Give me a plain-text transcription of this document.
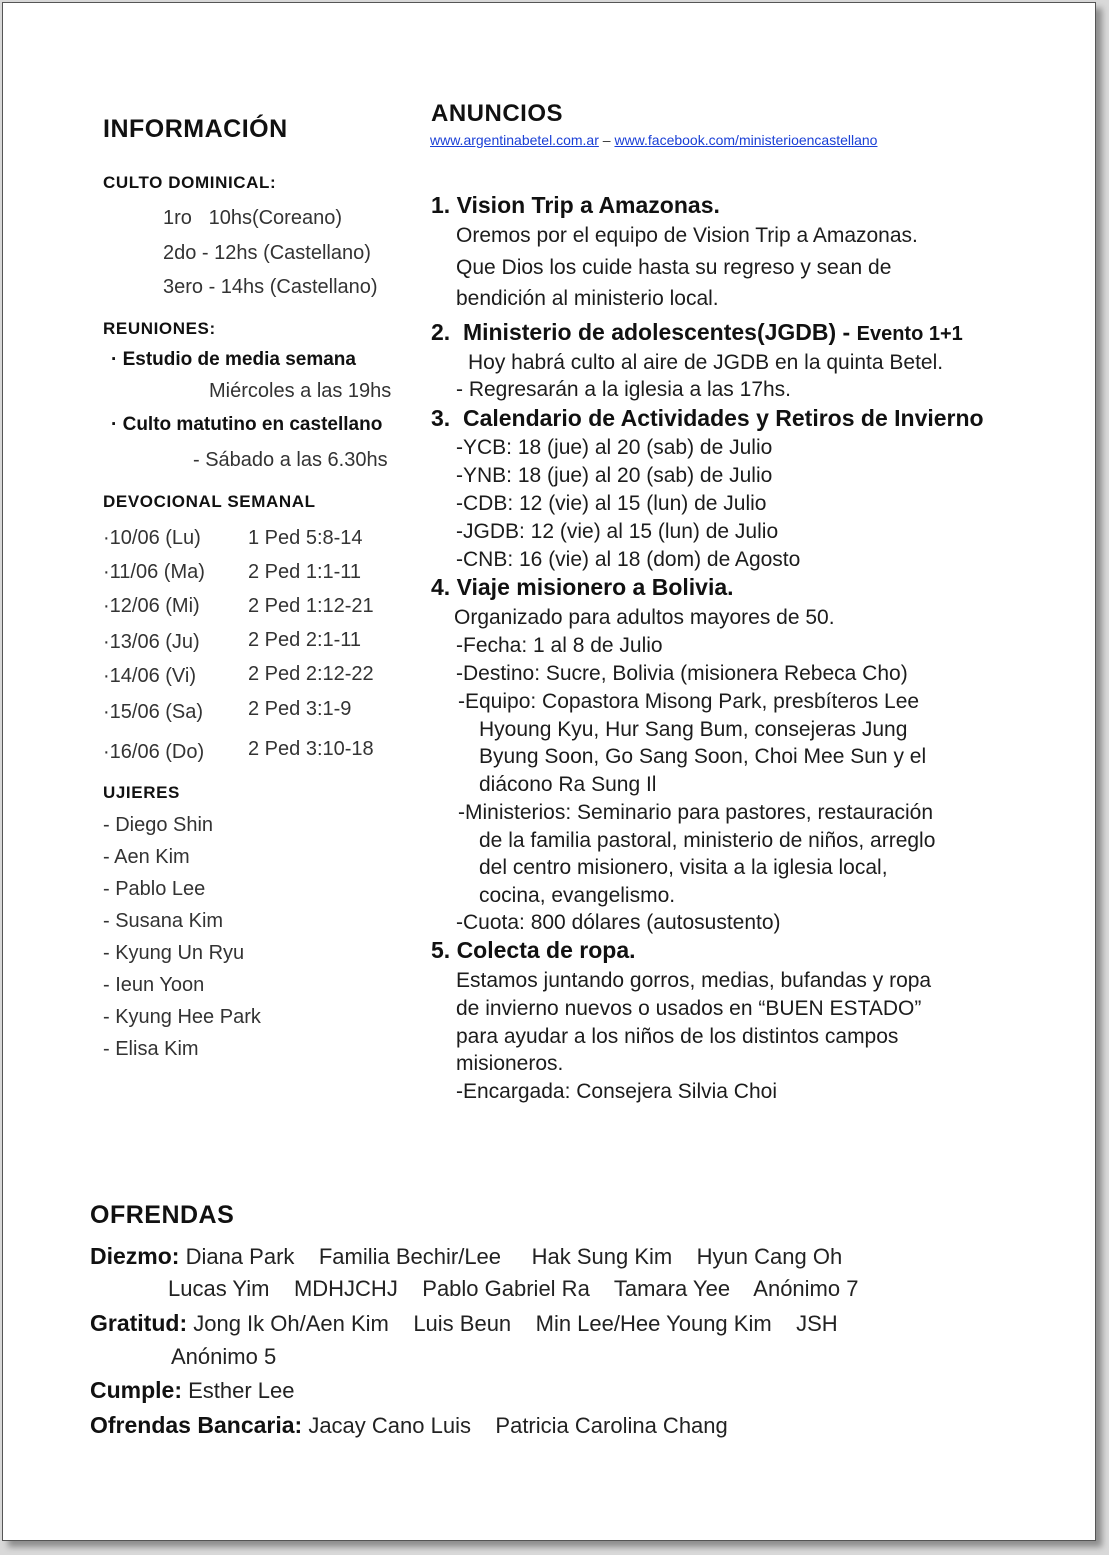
INFORMACIÓN
CULTO DOMINICAL:
1ro   10hs(Coreano)
2do - 12hs (Castellano)
3ero - 14hs (Castellano)
REUNIONES:
· Estudio de media semana
Miércoles a las 19hs
· Culto matutino en castellano
- Sábado a las 6.30hs
DEVOCIONAL SEMANAL
·10/06 (Lu) 1 Ped 5:8-14
·11/06 (Ma) 2 Ped 1:1-11
·12/06 (Mi) 2 Ped 1:12-21
·13/06 (Ju) 2 Ped 2:1-11
·14/06 (Vi)	2 Ped 2:12-22
·15/06 (Sa) 2 Ped 3:1-9
·16/06 (Do) 2 Ped 3:10-18
UJIERES
- Diego Shin
- Aen Kim
- Pablo Lee
- Susana Kim
- Kyung Un Ryu
- Ieun Yoon
- Kyung Hee Park
- Elisa Kim
ANUNCIOS
www.argentinabetel.com.ar – www.facebook.com/ministerioencastellano
1. Vision Trip a Amazonas.
Oremos por el equipo de Vision Trip a Amazonas.
Que Dios los cuide hasta su regreso y sean de
bendición al ministerio local.
2.  Ministerio de adolescentes(JGDB) - Evento 1+1
Hoy habrá culto al aire de JGDB en la quinta Betel.
- Regresarán a la iglesia a las 17hs.
3.  Calendario de Actividades y Retiros de Invierno
-YCB: 18 (jue) al 20 (sab) de Julio
-YNB: 18 (jue) al 20 (sab) de Julio
-CDB: 12 (vie) al 15 (lun) de Julio
-JGDB: 12 (vie) al 15 (lun) de Julio
-CNB: 16 (vie) al 18 (dom) de Agosto
4. Viaje misionero a Bolivia.
Organizado para adultos mayores de 50.
-Fecha: 1 al 8 de Julio
-Destino: Sucre, Bolivia (misionera Rebeca Cho)
-Equipo: Copastora Misong Park, presbíteros Lee
Hyoung Kyu, Hur Sang Bum, consejeras Jung
Byung Soon, Go Sang Soon, Choi Mee Sun y el
diácono Ra Sung Il
-Ministerios: Seminario para pastores, restauración
de la familia pastoral, ministerio de niños, arreglo
del centro misionero, visita a la iglesia local,
cocina, evangelismo.
-Cuota: 800 dólares (autosustento)
5. Colecta de ropa.
Estamos juntando gorros, medias, bufandas y ropa
de invierno nuevos o usados en “BUEN ESTADO”
para ayudar a los niños de los distintos campos
misioneros.
-Encargada: Consejera Silvia Choi
OFRENDAS
Diezmo: Diana Park    Familia Bechir/Lee     Hak Sung Kim    Hyun Cang Oh
Lucas Yim    MDHJCHJ    Pablo Gabriel Ra    Tamara Yee    Anónimo 7
Gratitud: Jong Ik Oh/Aen Kim    Luis Beun    Min Lee/Hee Young Kim    JSH
Anónimo 5
Cumple: Esther Lee
Ofrendas Bancaria: Jacay Cano Luis    Patricia Carolina Chang
